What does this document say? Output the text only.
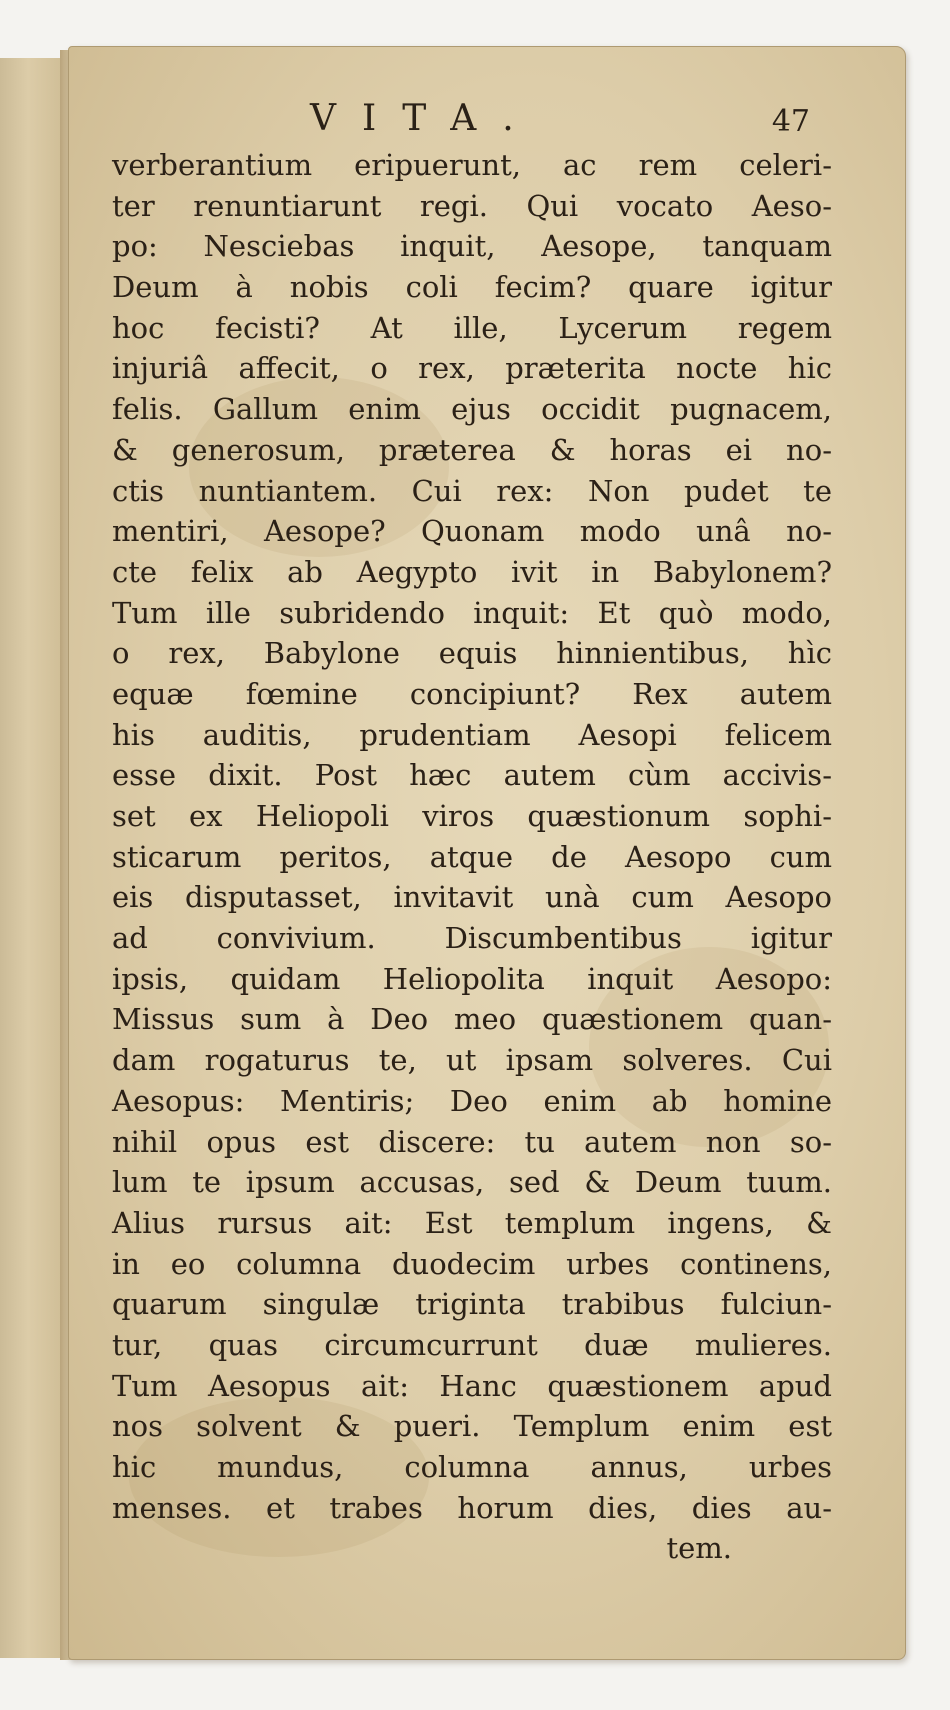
VITA.	47
verberantium eripuerunt, ac rem celeri-
ter renuntiarunt regi. Qui vocato Aeso-
po: Nesciebas inquit, Aesope, tanquam
Deum à nobis coli fecim? quare igitur
hoc fecisti? At ille, Lycerum regem
injuriâ affecit, o rex, præterita nocte hic
felis. Gallum enim ejus occidit pugnacem,
& generosum, præterea & horas ei no-
ctis nuntiantem. Cui rex: Non pudet te
mentiri, Aesope? Quonam modo unâ no-
cte felix ab Aegypto ivit in Babylonem?
Tum ille subridendo inquit: Et quò modo,
o rex, Babylone equis hinnientibus, hìc
equæ fœmine concipiunt? Rex autem
his auditis, prudentiam Aesopi felicem
esse dixit. Post hæc autem cùm accivis-
set ex Heliopoli viros quæstionum sophi-
sticarum peritos, atque de Aesopo cum
eis disputasset, invitavit unà cum Aesopo
ad convivium. Discumbentibus igitur
ipsis, quidam Heliopolita inquit Aesopo:
Missus sum à Deo meo quæstionem quan-
dam rogaturus te, ut ipsam solveres. Cui
Aesopus: Mentiris; Deo enim ab homine
nihil opus est discere: tu autem non so-
lum te ipsum accusas, sed & Deum tuum.
Alius rursus ait: Est templum ingens, &
in eo columna duodecim urbes continens,
quarum singulæ triginta trabibus fulciun-
tur, quas circumcurrunt duæ mulieres.
Tum Aesopus ait: Hanc quæstionem apud
nos solvent & pueri. Templum enim est
hic mundus, columna annus, urbes
menses. et trabes horum dies, dies au-
tem.
